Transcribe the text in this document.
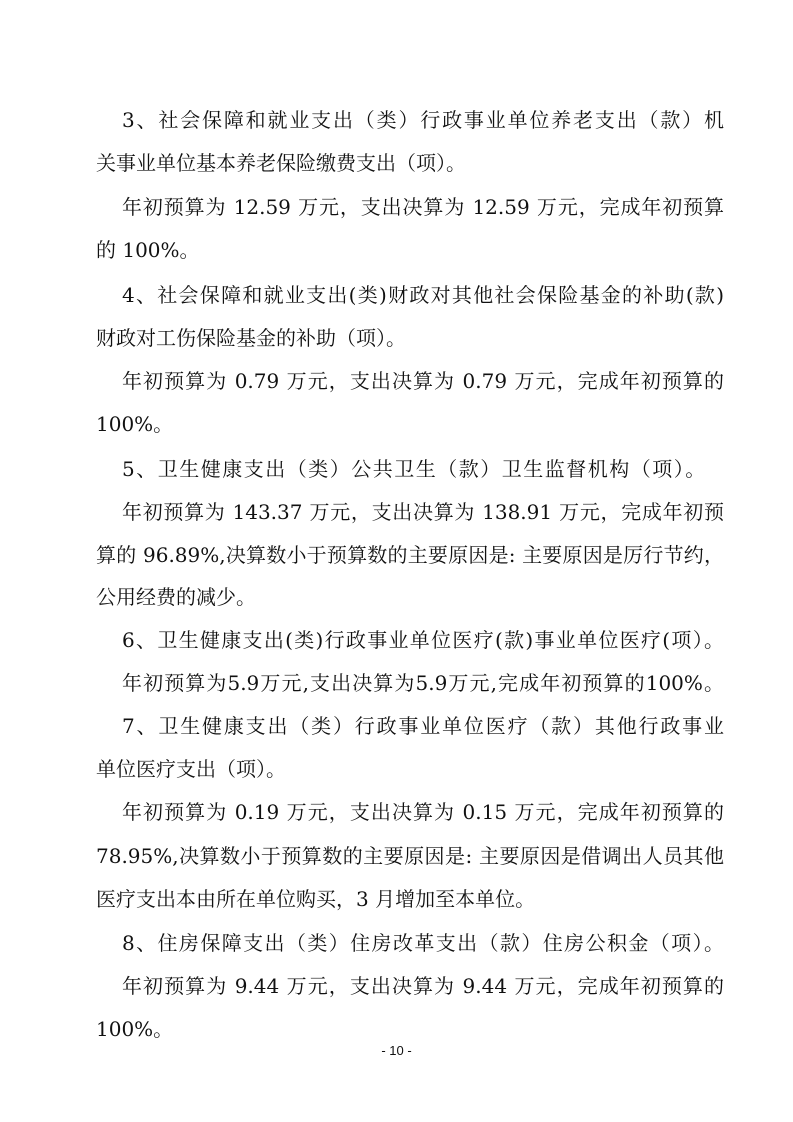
3、社会保障和就业支出（类）行政事业单位养老支出（款）机
关事业单位基本养老保险缴费支出（项）。
年初预算为 12.59 万元，支出决算为 12.59 万元，完成年初预算
的 100%。
4、社会保障和就业支出(类)财政对其他社会保险基金的补助(款)
财政对工伤保险基金的补助（项）。
年初预算为 0.79 万元，支出决算为 0.79 万元，完成年初预算的
100%。
5、卫生健康支出（类）公共卫生（款）卫生监督机构（项）。
年初预算为 143.37 万元，支出决算为 138.91 万元，完成年初预
算的 96.89%,决算数小于预算数的主要原因是: 主要原因是厉行节约，
公用经费的减少。
6、卫生健康支出(类)行政事业单位医疗(款)事业单位医疗(项）。
年初预算为5.9万元,支出决算为5.9万元,完成年初预算的100%。
7、卫生健康支出（类）行政事业单位医疗（款）其他行政事业
单位医疗支出（项）。
年初预算为 0.19 万元，支出决算为 0.15 万元，完成年初预算的
78.95%,决算数小于预算数的主要原因是: 主要原因是借调出人员其他
医疗支出本由所在单位购买，3 月增加至本单位。
8、住房保障支出（类）住房改革支出（款）住房公积金（项）。
年初预算为 9.44 万元，支出决算为 9.44 万元，完成年初预算的
100%。
- 10 -
